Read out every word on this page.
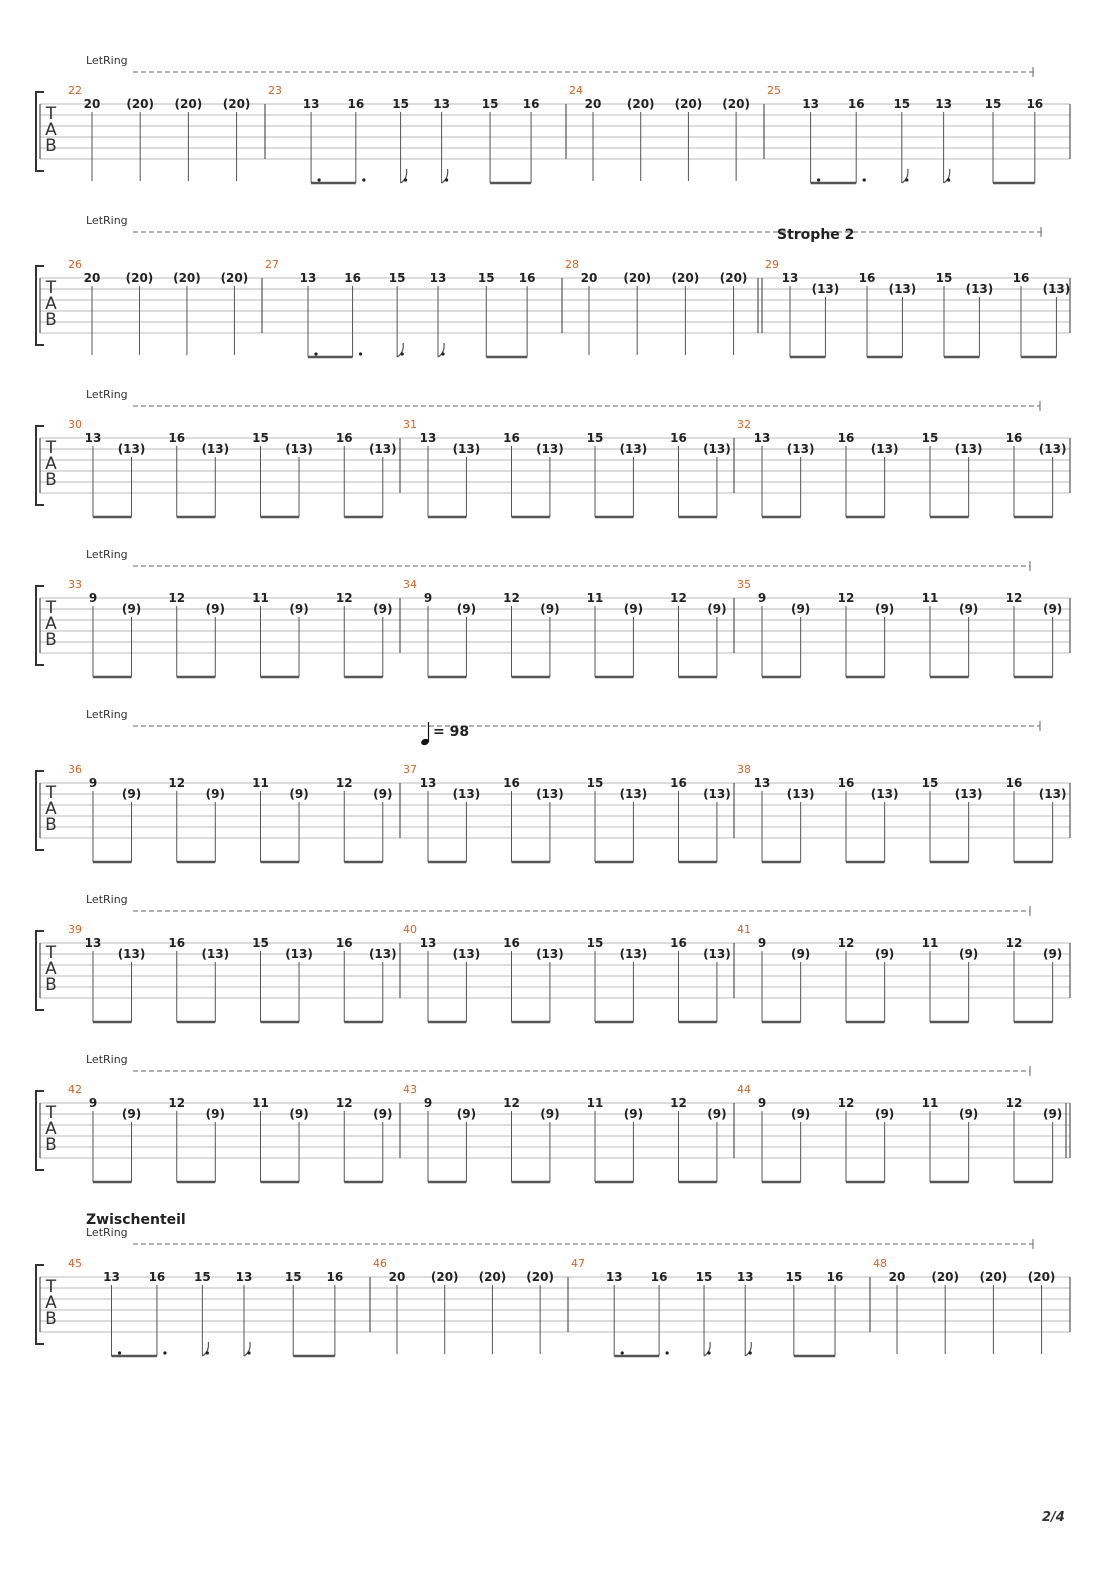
LetRing
T
A
B
22
20 (20) (20) (20)
23
13 16 15 13	15 16
24
20 (20) (20) (20)
25
13 16 15 13	15 16
LetRing
T
A
B
26
20 (20) (20) (20)
27
13 16 15 13	15 16
28
20 (20) (20) (20)
29
13
(13)
16
(13)
15
(13)
16
(13)
Strophe 2
LetRing
T
A
B
30
13
(13)
16
(13)
15
(13)
16
(13)
31
13
(13)
16
(13)
15
(13)
16
(13)
32
13
(13)
16
(13)
15
(13)
16
(13)
LetRing
T
A
B
33
9
(9)
12
(9)
11
(9)
12
(9)
34
9
(9)
12
(9)
11
(9)
12
(9)
35
9
(9)
12
(9)
11
(9)
12
(9)
LetRing
T
A
B
36
9
(9)
12
(9)
11
(9)
12
(9)
37
13
(13)
16
(13)
15
(13)
16
(13)
38
13
(13)
16
(13)
15
(13)
16
(13)
= 98
LetRing
T
A
B
39
13
(13)
16
(13)
15
(13)
16
(13)
40
13
(13)
16
(13)
15
(13)
16
(13)
41
9
(9)
12
(9)
11
(9)
12
(9)
LetRing
T
A
B
42
9
(9)
12
(9)
11
(9)
12
(9)
43
9
(9)
12
(9)
11
(9)
12
(9)
44
9
(9)
12
(9)
11
(9)
12
(9)
LetRing
T
A
B
45
13 16 15 13	15 16
46
20 (20) (20) (20)
47
13 16 15 13	15 16
48
20 (20) (20) (20)
Zwischenteil
2/4
